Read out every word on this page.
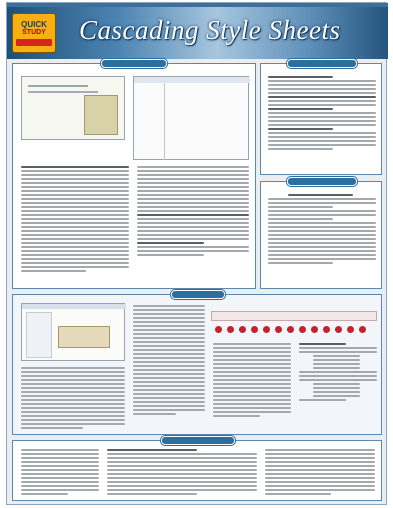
QUICK
STUDY Cascading Style Sheets
